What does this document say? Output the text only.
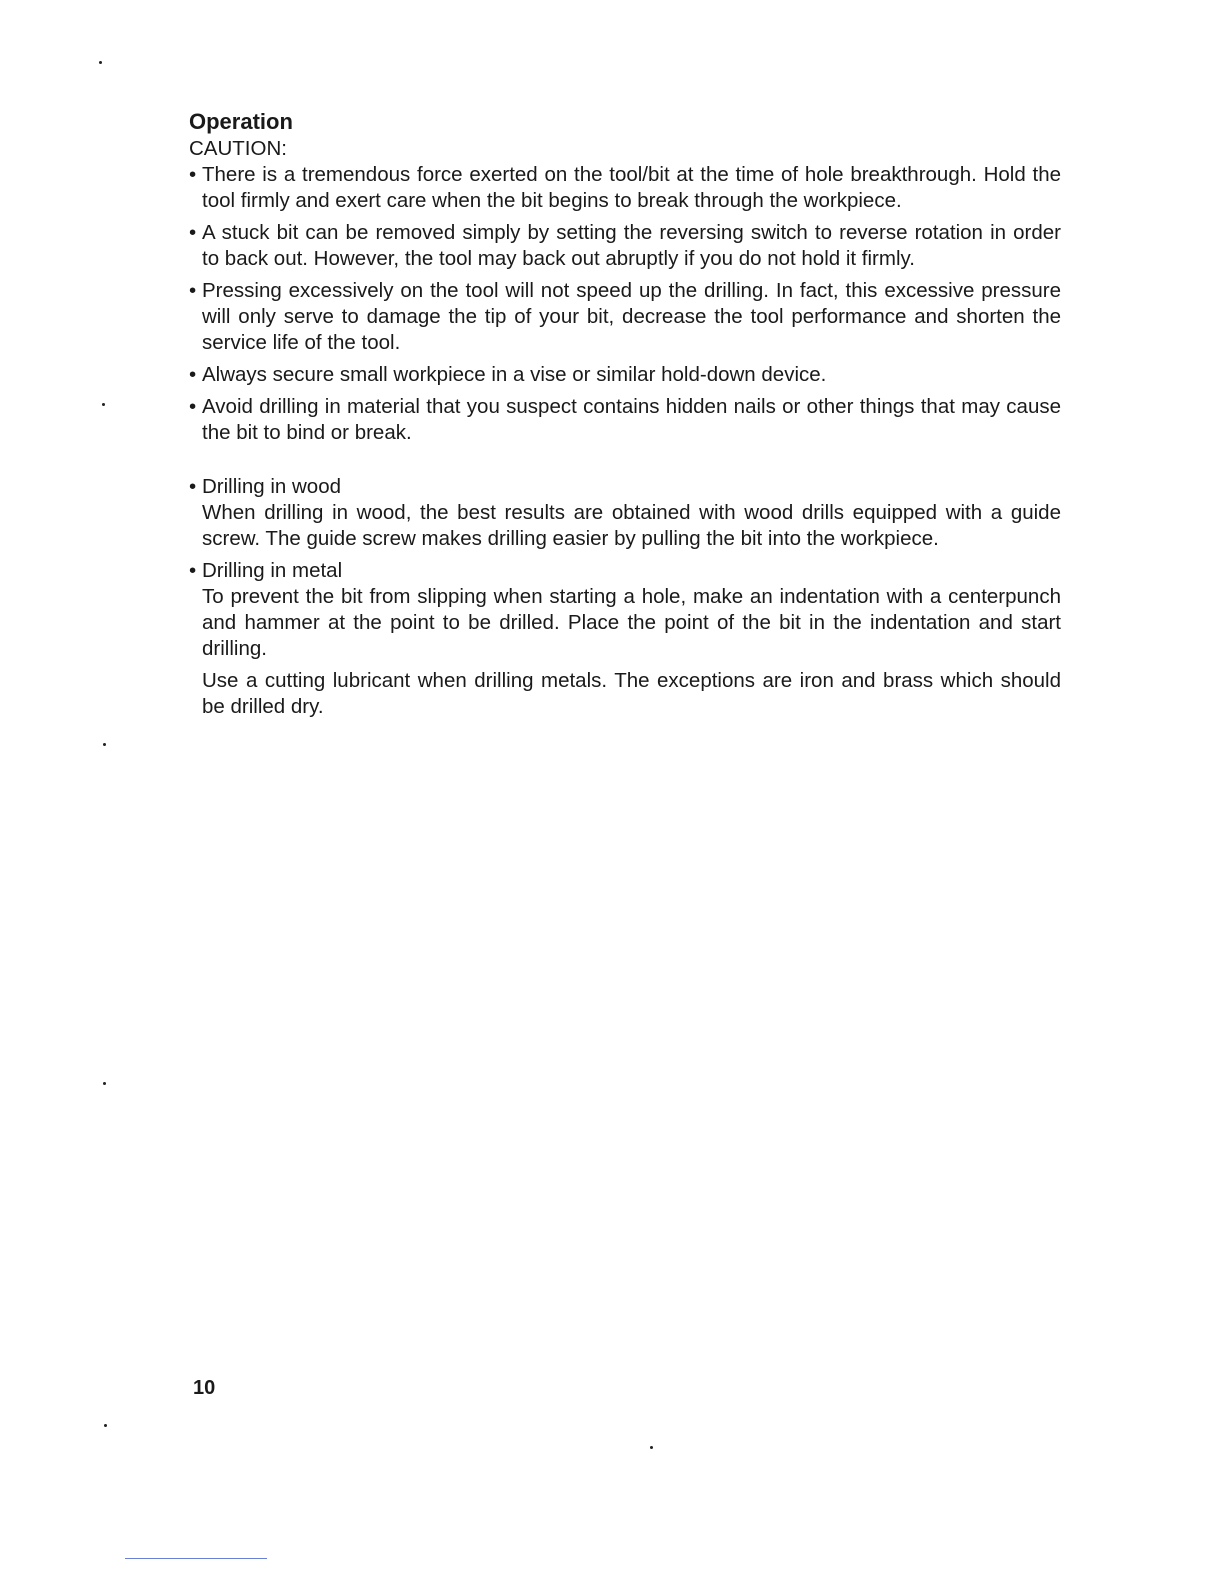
Operation

CAUTION:

• There is a tremendous force exerted on the tool/bit at the time of hole breakthrough. Hold the tool firmly and exert care when the bit begins to break through the workpiece.

• A stuck bit can be removed simply by setting the reversing switch to reverse rotation in order to back out. However, the tool may back out abruptly if you do not hold it firmly.

• Pressing excessively on the tool will not speed up the drilling. In fact, this excessive pressure will only serve to damage the tip of your bit, decrease the tool performance and shorten the service life of the tool.

• Always secure small workpiece in a vise or similar hold-down device.

• Avoid drilling in material that you suspect contains hidden nails or other things that may cause the bit to bind or break.

• Drilling in wood

When drilling in wood, the best results are obtained with wood drills equipped with a guide screw. The guide screw makes drilling easier by pulling the bit into the workpiece.

• Drilling in metal

To prevent the bit from slipping when starting a hole, make an indentation with a centerpunch and hammer at the point to be drilled. Place the point of the bit in the indentation and start drilling.

Use a cutting lubricant when drilling metals. The exceptions are iron and brass which should be drilled dry.

10
